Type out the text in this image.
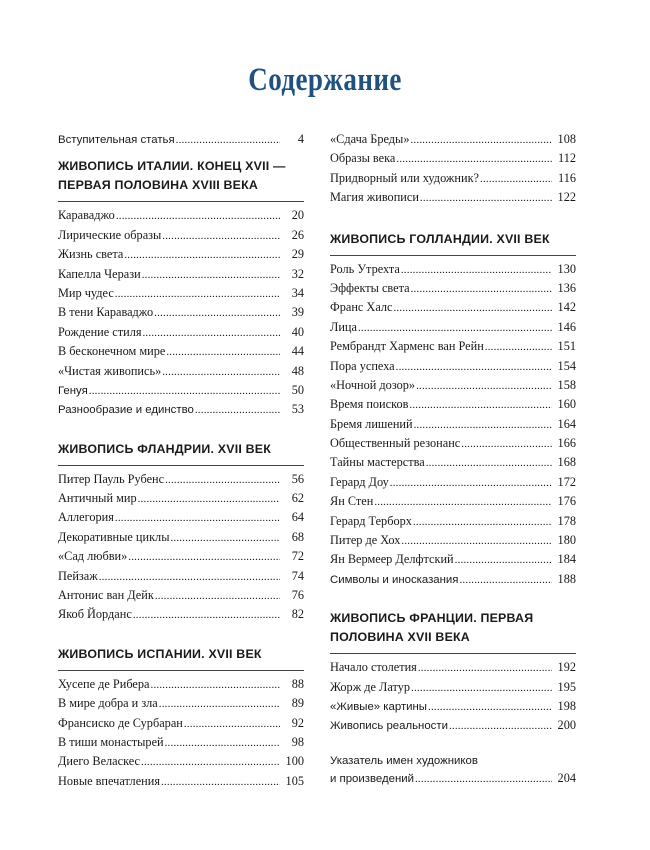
Содержание
Вступительная статья .....	4
ЖИВОПИСЬ ИТАЛИИ. КОНЕЦ XVII —
ПЕРВАЯ ПОЛОВИНА XVIII ВЕКА
Караваджо .....	20
Лирические образы .....	26
Жизнь света .....	29
Капелла Черази .....	32
Мир чудес .....	34
В тени Караваджо .....	39
Рождение стиля .....	40
В бесконечном мире .....	44
«Чистая живопись» .....	48
Генуя .....	50
Разнообразие и единство .....	53
ЖИВОПИСЬ ФЛАНДРИИ. XVII ВЕК
Питер Пауль Рубенс .....	56
Античный мир .....	62
Аллегория .....	64
Декоративные циклы .....	68
«Сад любви» .....	72
Пейзаж .....	74
Антонис ван Дейк .....	76
Якоб Йорданс .....	82
ЖИВОПИСЬ ИСПАНИИ. XVII ВЕК
Хусепе де Рибера .....	88
В мире добра и зла .....	89
Франсиско де Сурбаран .....	92
В тиши монастырей .....	98
Диего Веласкес .....	100
Новые впечатления .....	105
«Сдача Бреды» .....	108
Образы века .....	112
Придворный или художник? .....	116
Магия живописи .....	122
ЖИВОПИСЬ ГОЛЛАНДИИ. XVII ВЕК
Роль Утрехта .....	130
Эффекты света .....	136
Франс Халс .....	142
Лица .....	146
Рембрандт Харменс ван Рейн .....	151
Пора успеха .....	154
«Ночной дозор» .....	158
Время поисков .....	160
Бремя лишений .....	164
Общественный резонанс .....	166
Тайны мастерства .....	168
Герард Доу .....	172
Ян Стен .....	176
Герард Терборх .....	178
Питер де Хох .....	180
Ян Вермеер Делфтский .....	184
Символы и иносказания .....	188
ЖИВОПИСЬ ФРАНЦИИ. ПЕРВАЯ
ПОЛОВИНА XVII ВЕКА
Начало столетия .....	192
Жорж де Латур .....	195
«Живые» картины .....	198
Живопись реальности .....	200
Указатель имен художников
и произведений .....	204
